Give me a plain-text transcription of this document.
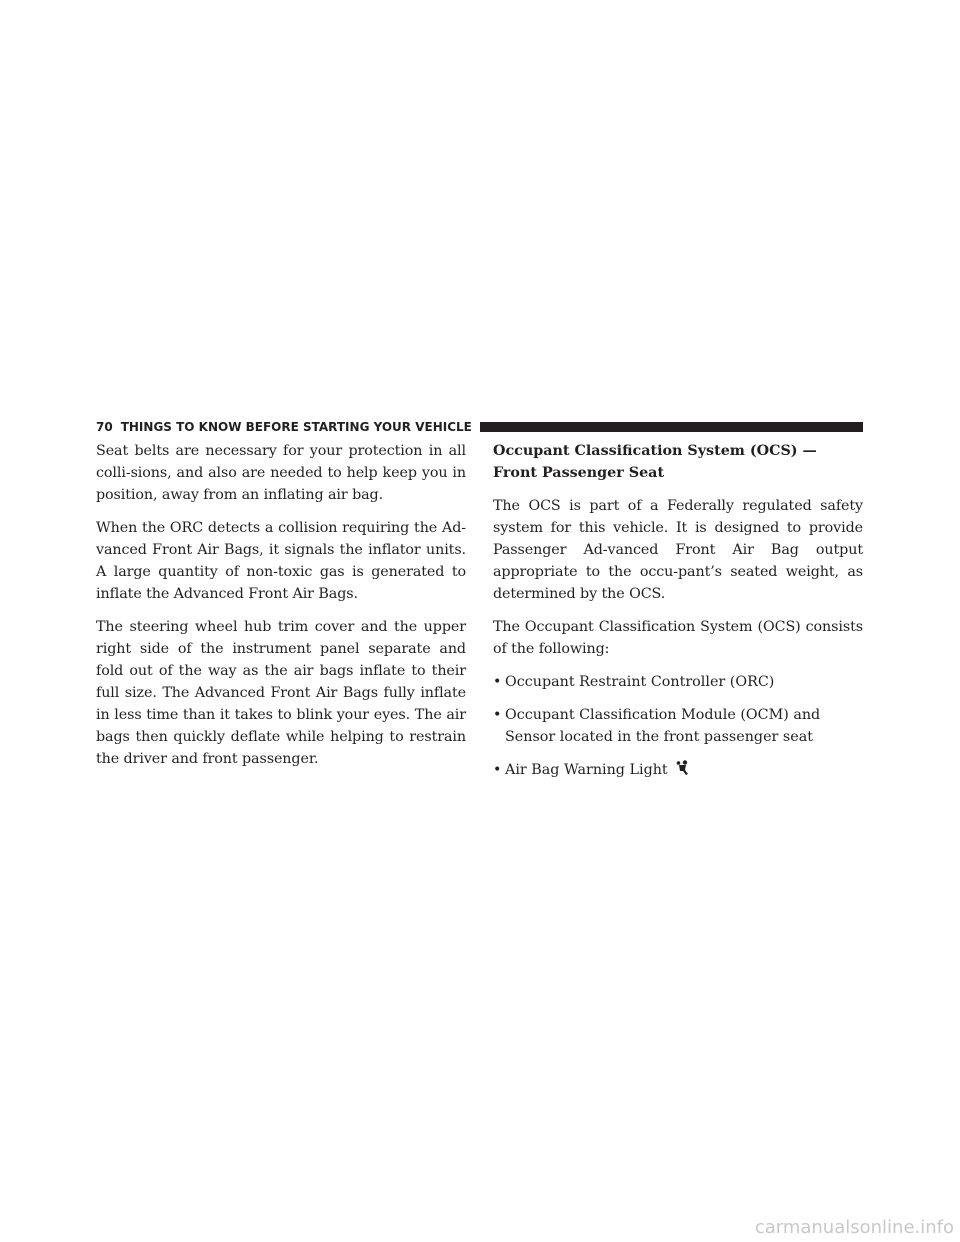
70 THINGS TO KNOW BEFORE STARTING YOUR VEHICLE

Seat belts are necessary for your protection in all colli-sions, and also are needed to help keep you in position, away from an inflating air bag.

When the ORC detects a collision requiring the Ad-vanced Front Air Bags, it signals the inflator units. A large quantity of non-toxic gas is generated to inflate the Advanced Front Air Bags.

The steering wheel hub trim cover and the upper right side of the instrument panel separate and fold out of the way as the air bags inflate to their full size. The Advanced Front Air Bags fully inflate in less time than it takes to blink your eyes. The air bags then quickly deflate while helping to restrain the driver and front passenger.

Occupant Classification System (OCS) — Front Passenger Seat

The OCS is part of a Federally regulated safety system for this vehicle. It is designed to provide Passenger Ad-vanced Front Air Bag output appropriate to the occu-pant’s seated weight, as determined by the OCS.

The Occupant Classification System (OCS) consists of the following:

• Occupant Restraint Controller (ORC)
• Occupant Classification Module (OCM) and Sensor located in the front passenger seat
• Air Bag Warning Light
carmanualsonline.info
